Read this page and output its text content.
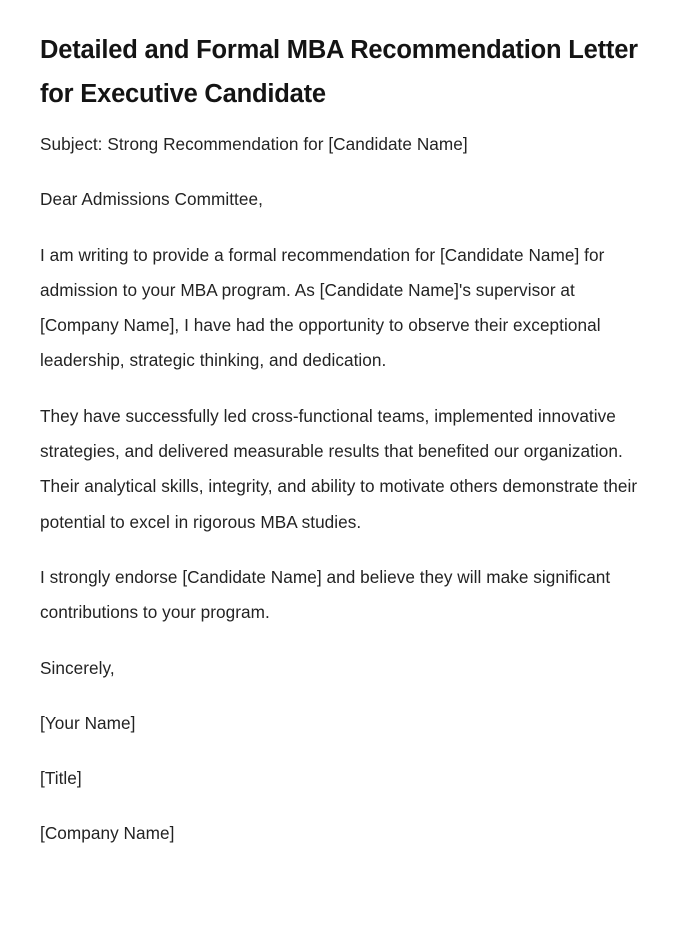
Detailed and Formal MBA Recommendation Letter for Executive Candidate

Subject: Strong Recommendation for [Candidate Name]

Dear Admissions Committee,

I am writing to provide a formal recommendation for [Candidate Name] for admission to your MBA program. As [Candidate Name]'s supervisor at [Company Name], I have had the opportunity to observe their exceptional leadership, strategic thinking, and dedication.

They have successfully led cross-functional teams, implemented innovative strategies, and delivered measurable results that benefited our organization. Their analytical skills, integrity, and ability to motivate others demonstrate their potential to excel in rigorous MBA studies.

I strongly endorse [Candidate Name] and believe they will make significant contributions to your program.

Sincerely,

[Your Name]

[Title]

[Company Name]
